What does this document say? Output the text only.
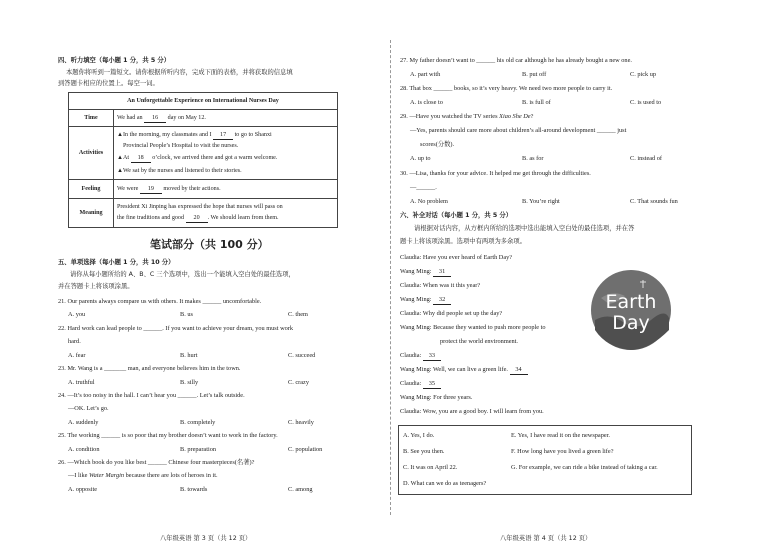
四、听力填空（每小题 1 分，共 5 分）
本题你将听到一篇短文。请你根据所听内容，完成下面的表格，并将获取的信息填
到答题卡相应的位置上。每空一词。
An Unforgettable Experience on International Nurses Day	
Time	We had an 16 day on May 12.
Activities	▲In the morning, my classmates and I 17 to go to Shanxi
Provincial People’s Hospital to visit the nurses.
▲At 18 o’clock, we arrived there and got a warm welcome.
▲We sat by the nurses and listened to their stories.

Feeling	We were 19 moved by their actions.
Meaning	President Xi Jinping has expressed the hope that nurses will pass on
the fine traditions and good 20 . We should learn from them.
笔试部分（共 100 分）
五、单项选择（每小题 1 分，共 10 分）
请你从每小题所给的 A、B、C 三个选项中，选出一个能填入空白处的最佳选项，
并在答题卡上将该项涂黑。
21. Our parents always compare us with others. It makes ______ uncomfortable.
A. you	B. us	C. them
22. Hard work can lead people to ______. If you want to achieve your dream, you must work
hard.
A. fear	B. hurt	C. succeed
23. Mr. Wang is a _______ man, and everyone believes him in the town.
A. truthful	B. silly	C. crazy
24. —It’s too noisy in the hall. I can’t hear you ______. Let’s talk outside.
—OK. Let’s go.
A. suddenly	B. completely	C. heavily
25. The working ______ is so poor that my brother doesn’t want to work in the factory.
A. condition	B. preparation	C. population
26. —Which book do you like best ______ Chinese four masterpieces(名著)?
—I like Water Margin because there are lots of heroes in it.
A. opposite	B. towards	C. among
八年级英语 第 3 页（共 12 页）
27. My father doesn’t want to ______ his old car although he has already bought a new one.
A. part with	B. put off	C. pick up
28. That box ______ books, so it’s very heavy. We need two more people to carry it.
A. is close to	B. is full of	C. is used to
29. —Have you watched the TV series Xiao She De?
—Yes, parents should care more about children’s all-around development ______ just
scores(分数).
A. up to	B. as for	C. instead of
30. —Lisa, thanks for your advice. It helped me get through the difficulties.
—______.
A. No problem	B. You’re right	C. That sounds fun
六、补全对话（每小题 1 分，共 5 分）
请根据对话内容，从方框内所给的选项中选出能填入空白处的最佳选项，并在答
题卡上将该项涂黑。选项中有两项为多余项。
Claudia: Have you ever heard of Earth Day?
Wang Ming: 31
Claudia: When was it this year?
Wang Ming: 32
Claudia: Why did people set up the day?
Wang Ming: Because they wanted to push more people to
protect the world environment.
Claudia: 33
Wang Ming: Well, we can live a green life. 34
Claudia: 35
Wang Ming: For three years.
Claudia: Wow, you are a good boy. I will learn from you.
A. Yes, I do.
B. See you then.
C. It was on April 22.
D. What can we do as teenagers?
E. Yes, I have read it on the newspaper.
F. How long have you lived a green life?
G. For example, we can ride a bike instead of taking a car.
八年级英语 第 4 页（共 12 页）
Earth
Day
